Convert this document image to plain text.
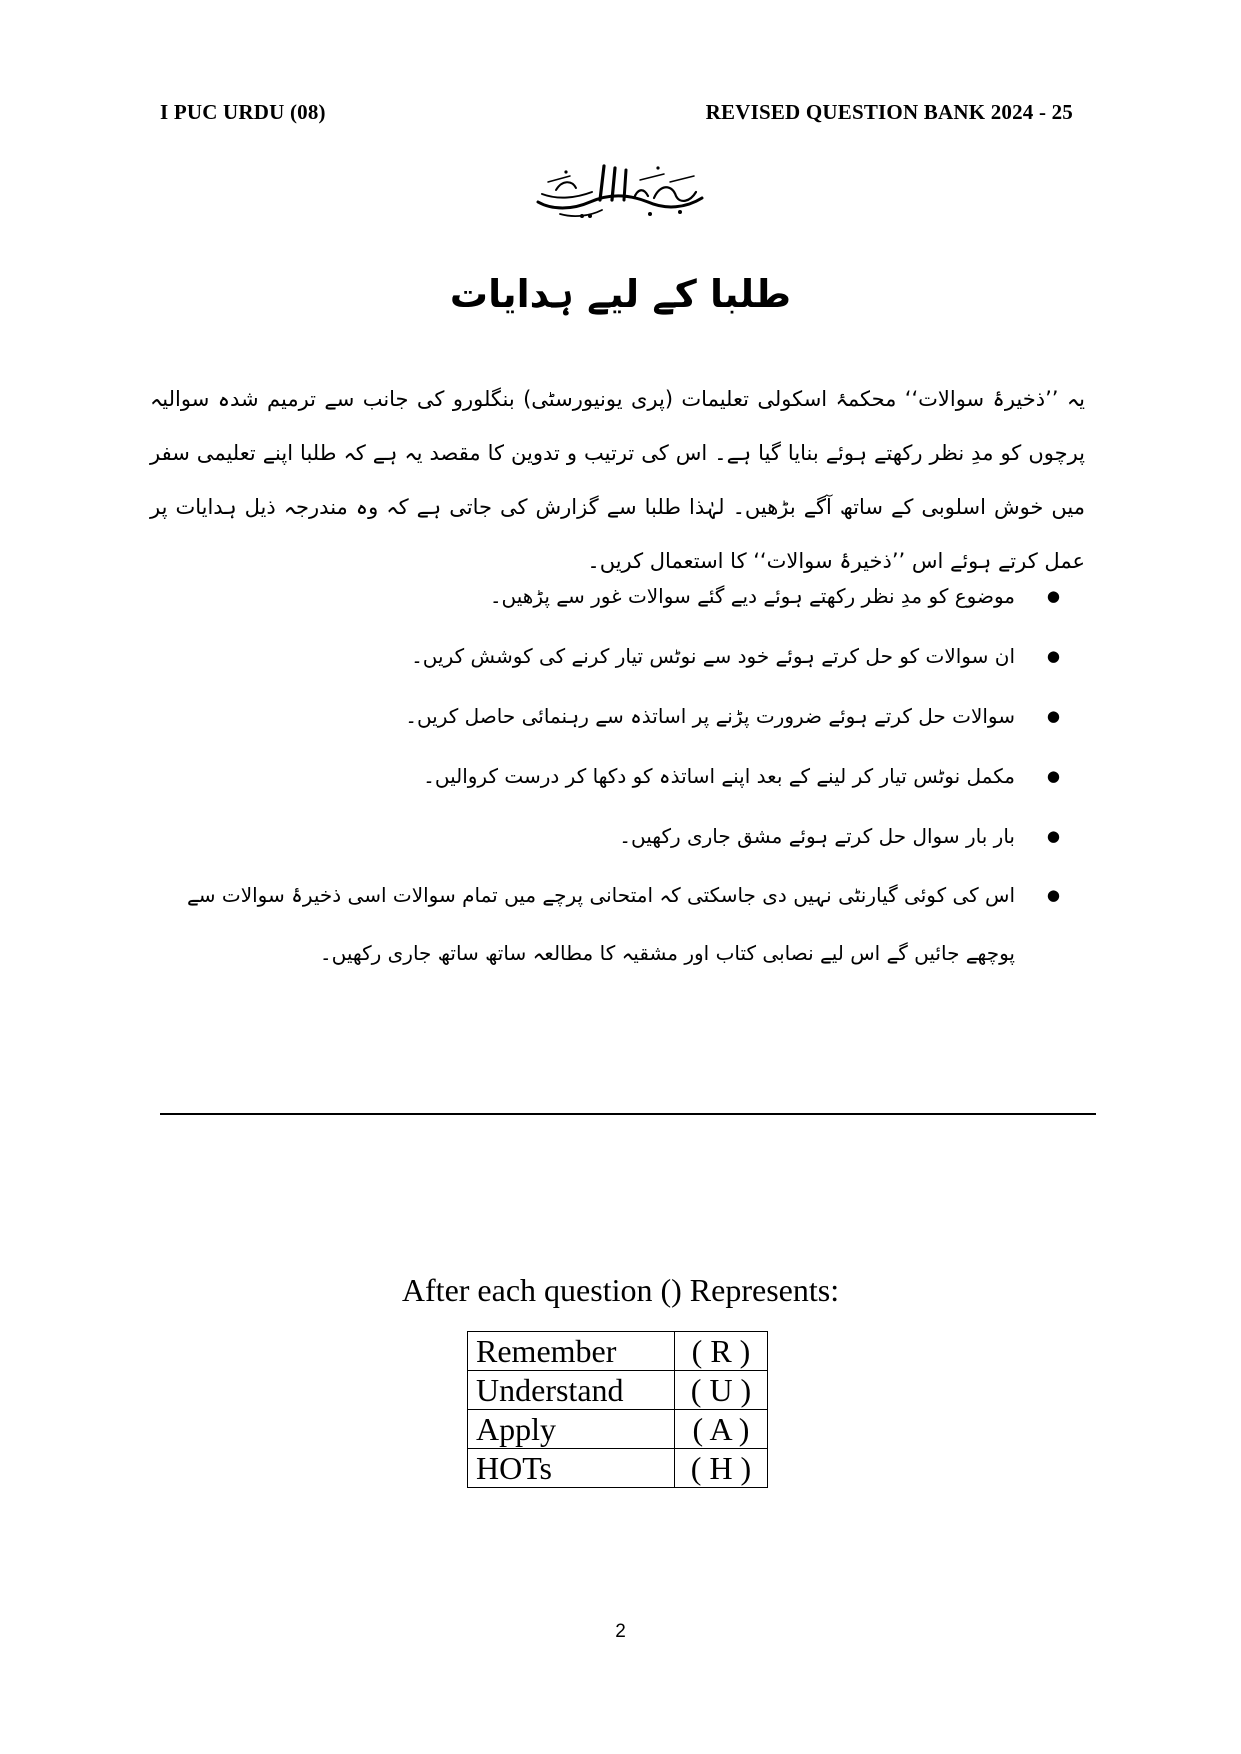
I PUC URDU (08)	REVISED QUESTION BANK 2024 - 25
طلبا کے لیے ہدایات

یہ ’’ذخیرۂ سوالات‘‘ محکمۂ اسکولی تعلیمات (پری یونیورسٹی) بنگلورو کی جانب سے ترمیم شدہ سوالیہ پرچوں کو مدِ نظر رکھتے ہوئے بنایا گیا ہے۔ اس کی ترتیب و تدوین کا مقصد یہ ہے کہ طلبا اپنے تعلیمی سفر میں خوش اسلوبی کے ساتھ آگے بڑھیں۔ لہٰذا طلبا سے گزارش کی جاتی ہے کہ وہ مندرجہ ذیل ہدایات پر عمل کرتے ہوئے اس ’’ذخیرۂ سوالات‘‘ کا استعمال کریں۔

● موضوع کو مدِ نظر رکھتے ہوئے دیے گئے سوالات غور سے پڑھیں۔
● ان سوالات کو حل کرتے ہوئے خود سے نوٹس تیار کرنے کی کوشش کریں۔
● سوالات حل کرتے ہوئے ضرورت پڑنے پر اساتذہ سے رہنمائی حاصل کریں۔
● مکمل نوٹس تیار کر لینے کے بعد اپنے اساتذہ کو دکھا کر درست کروالیں۔
● بار بار سوال حل کرتے ہوئے مشق جاری رکھیں۔
● اس کی کوئی گیارنٹی نہیں دی جاسکتی کہ امتحانی پرچے میں تمام سوالات اسی ذخیرۂ سوالات سے پوچھے جائیں گے اس لیے نصابی کتاب اور مشقیہ کا مطالعہ ساتھ ساتھ جاری رکھیں۔
After each question () Represents:
Remember	( R )
Understand	( U )
Apply	( A )
HOTs	( H )
2
